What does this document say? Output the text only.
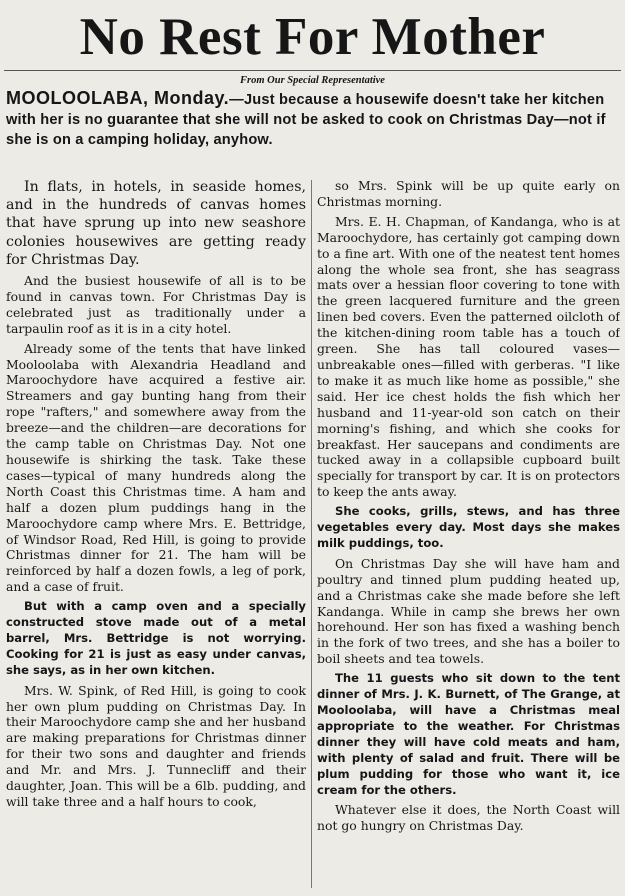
No Rest For Mother
From Our Special Representative
MOOLOOLABA, Monday.—Just because a housewife doesn't take her kitchen with her is no guarantee that she will not be asked to cook on Christmas Day—not if she is on a camping holiday, anyhow.

In flats, in hotels, in seaside homes, and in the hundreds of canvas homes that have sprung up into new seashore colonies housewives are getting ready for Christmas Day.

And the busiest housewife of all is to be found in canvas town. For Christmas Day is celebrated just as traditionally under a tarpaulin roof as it is in a city hotel.

Already some of the tents that have linked Mooloolaba with Alexandria Headland and Maroochydore have acquired a festive air. Streamers and gay bunting hang from their rope "rafters," and somewhere away from the breeze—and the children—are decorations for the camp table on Christmas Day. Not one housewife is shirking the task. Take these cases—typical of many hundreds along the North Coast this Christmas time. A ham and half a dozen plum puddings hang in the Maroochydore camp where Mrs. E. Bettridge, of Windsor Road, Red Hill, is going to provide Christmas dinner for 21. The ham will be reinforced by half a dozen fowls, a leg of pork, and a case of fruit.

But with a camp oven and a specially constructed stove made out of a metal barrel, Mrs. Bettridge is not worrying. Cooking for 21 is just as easy under canvas, she says, as in her own kitchen.

Mrs. W. Spink, of Red Hill, is going to cook her own plum pudding on Christmas Day. In their Maroochydore camp she and her husband are making preparations for Christmas dinner for their two sons and daughter and friends and Mr. and Mrs. J. Tunnecliff and their daughter, Joan. This will be a 6lb. pudding, and will take three and a half hours to cook,

so Mrs. Spink will be up quite early on Christmas morning.

Mrs. E. H. Chapman, of Kandanga, who is at Maroochydore, has certainly got camping down to a fine art. With one of the neatest tent homes along the whole sea front, she has seagrass mats over a hessian floor covering to tone with the green lacquered furniture and the green linen bed covers. Even the patterned oilcloth of the kitchen-dining room table has a touch of green. She has tall coloured vases—unbreakable ones—filled with gerberas. "I like to make it as much like home as possible," she said. Her ice chest holds the fish which her husband and 11-year-old son catch on their morning's fishing, and which she cooks for breakfast. Her saucepans and condiments are tucked away in a collapsible cupboard built specially for transport by car. It is on protectors to keep the ants away.

She cooks, grills, stews, and has three vegetables every day. Most days she makes milk puddings, too.

On Christmas Day she will have ham and poultry and tinned plum pudding heated up, and a Christmas cake she made before she left Kandanga. While in camp she brews her own horehound. Her son has fixed a washing bench in the fork of two trees, and she has a boiler to boil sheets and tea towels.

The 11 guests who sit down to the tent dinner of Mrs. J. K. Burnett, of The Grange, at Mooloolaba, will have a Christmas meal appropriate to the weather. For Christmas dinner they will have cold meats and ham, with plenty of salad and fruit. There will be plum pudding for those who want it, ice cream for the others.

Whatever else it does, the North Coast will not go hungry on Christmas Day.
